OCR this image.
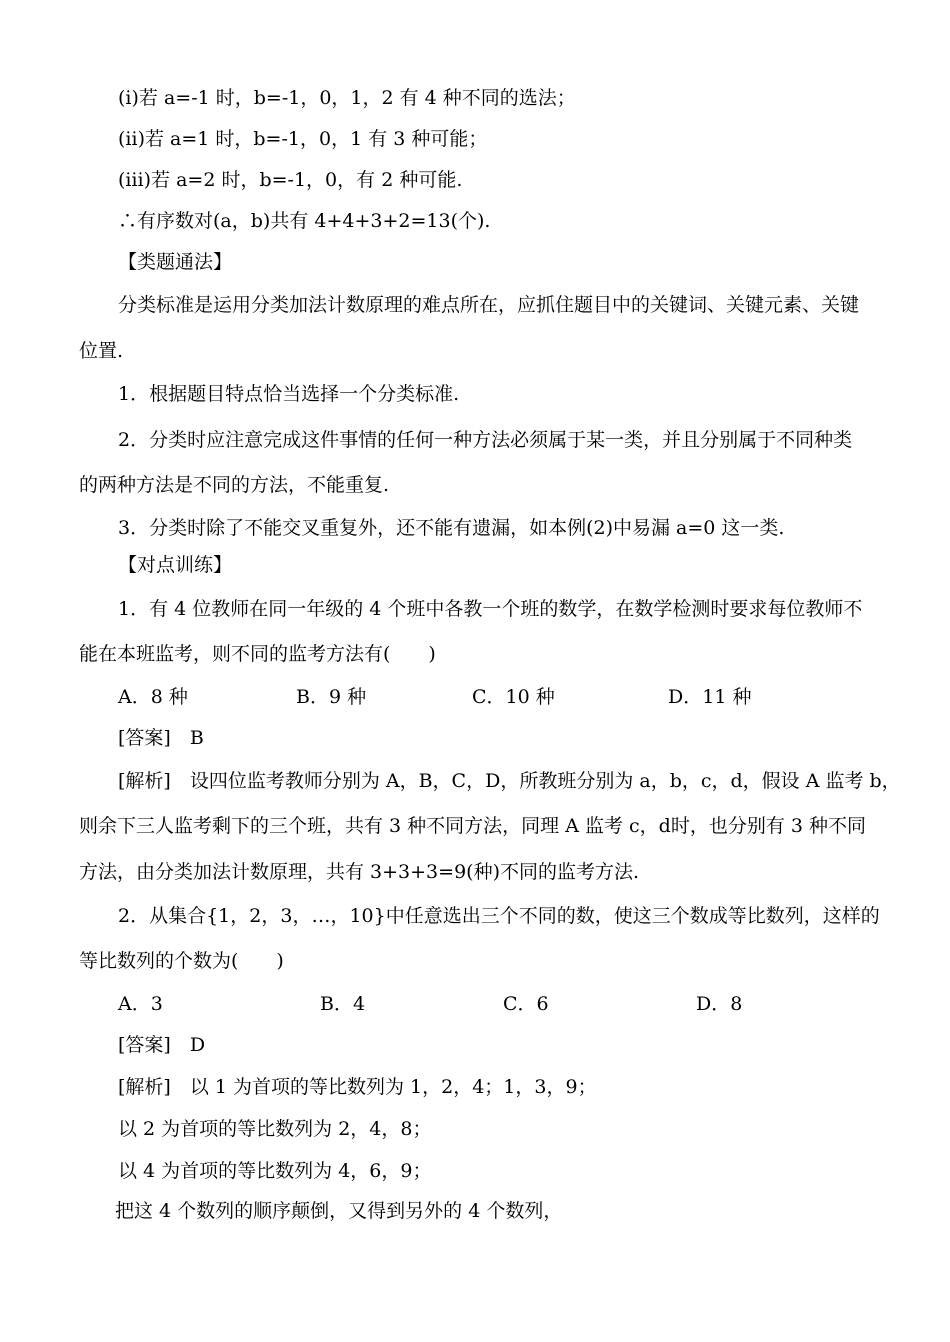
(ⅰ)若 a=-1 时，b=-1，0，1，2 有 4 种不同的选法；
(ⅱ)若 a=1 时，b=-1，0，1 有 3 种可能；
(ⅲ)若 a=2 时，b=-1，0，有 2 种可能.
∴有序数对(a，b)共有 4+4+3+2=13(个).
【类题通法】
分类标准是运用分类加法计数原理的难点所在，应抓住题目中的关键词、关键元素、关键
位置.
1．根据题目特点恰当选择一个分类标准.
2．分类时应注意完成这件事情的任何一种方法必须属于某一类，并且分别属于不同种类
的两种方法是不同的方法，不能重复.
3．分类时除了不能交叉重复外，还不能有遗漏，如本例(2)中易漏 a=0 这一类.
【对点训练】
1．有 4 位教师在同一年级的 4 个班中各教一个班的数学，在数学检测时要求每位教师不
能在本班监考，则不同的监考方法有(　　)
A．8 种	B．9 种	C．10 种	D．11 种
[答案]　B
[解析]　设四位监考教师分别为 A，B，C，D，所教班分别为 a，b，c，d，假设 A 监考 b，
则余下三人监考剩下的三个班，共有 3 种不同方法，同理 A 监考 c，d时，也分别有 3 种不同
方法，由分类加法计数原理，共有 3+3+3=9(种)不同的监考方法.
2．从集合{1，2，3，…，10}中任意选出三个不同的数，使这三个数成等比数列，这样的
等比数列的个数为(　　)
A．3	B．4	C．6	D．8
[答案]　D
[解析]　以 1 为首项的等比数列为 1，2，4；1，3，9；
以 2 为首项的等比数列为 2，4，8；
以 4 为首项的等比数列为 4，6，9；
把这 4 个数列的顺序颠倒，又得到另外的 4 个数列，
